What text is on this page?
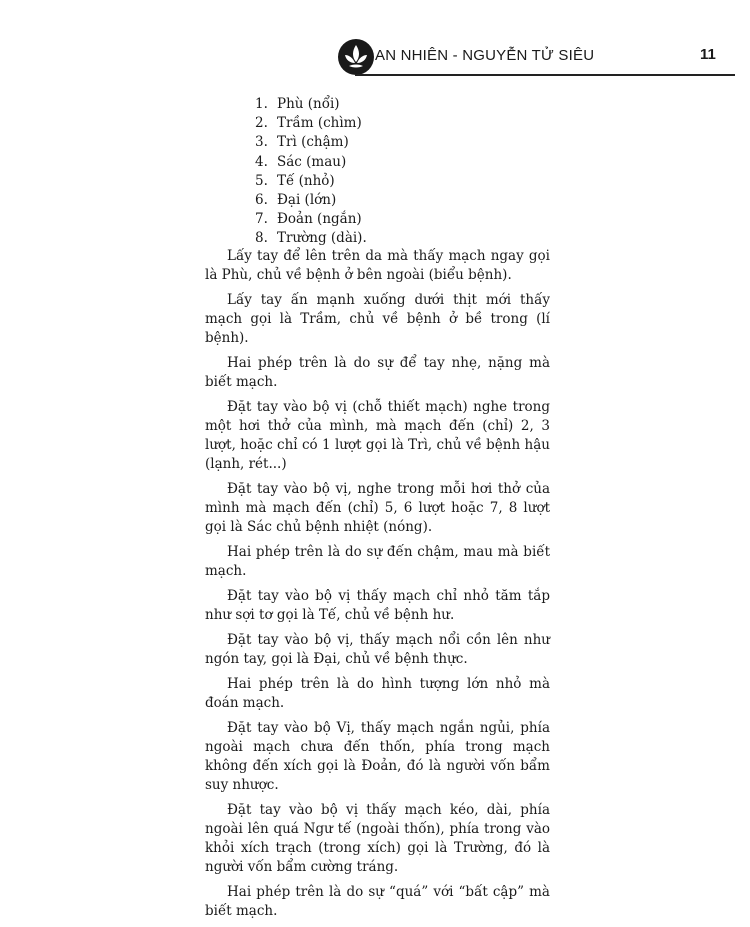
AN NHIÊN - NGUYỄN TỬ SIÊU	11
1. Phù (nổi)
2. Trầm (chìm)
3. Trì (chậm)
4. Sác (mau)
5. Tế (nhỏ)
6. Đại (lớn)
7. Đoản (ngắn)
8. Trường (dài).

Lấy tay để lên trên da mà thấy mạch ngay gọi là Phù, chủ về bệnh ở bên ngoài (biểu bệnh).

Lấy tay ấn mạnh xuống dưới thịt mới thấy mạch gọi là Trầm, chủ về bệnh ở bề trong (lí bệnh).

Hai phép trên là do sự để tay nhẹ, nặng mà biết mạch.

Đặt tay vào bộ vị (chỗ thiết mạch) nghe trong một hơi thở của mình, mà mạch đến (chỉ) 2, 3 lượt, hoặc chỉ có 1 lượt gọi là Trì, chủ về bệnh hậu (lạnh, rét...)

Đặt tay vào bộ vị, nghe trong mỗi hơi thở của mình mà mạch đến (chỉ) 5, 6 lượt hoặc 7, 8 lượt gọi là Sác chủ bệnh nhiệt (nóng).

Hai phép trên là do sự đến chậm, mau mà biết mạch.

Đặt tay vào bộ vị thấy mạch chỉ nhỏ tăm tắp như sợi tơ gọi là Tế, chủ về bệnh hư.

Đặt tay vào bộ vị, thấy mạch nổi cồn lên như ngón tay, gọi là Đại, chủ về bệnh thực.

Hai phép trên là do hình tượng lớn nhỏ mà đoán mạch.

Đặt tay vào bộ Vị, thấy mạch ngắn ngủi, phía ngoài mạch chưa đến thốn, phía trong mạch không đến xích gọi là Đoản, đó là người vốn bẩm suy nhược.

Đặt tay vào bộ vị thấy mạch kéo, dài, phía ngoài lên quá Ngư tế (ngoài thốn), phía trong vào khỏi xích trạch (trong xích) gọi là Trường, đó là người vốn bẩm cường tráng.

Hai phép trên là do sự “quá” với “bất cập” mà biết mạch.
